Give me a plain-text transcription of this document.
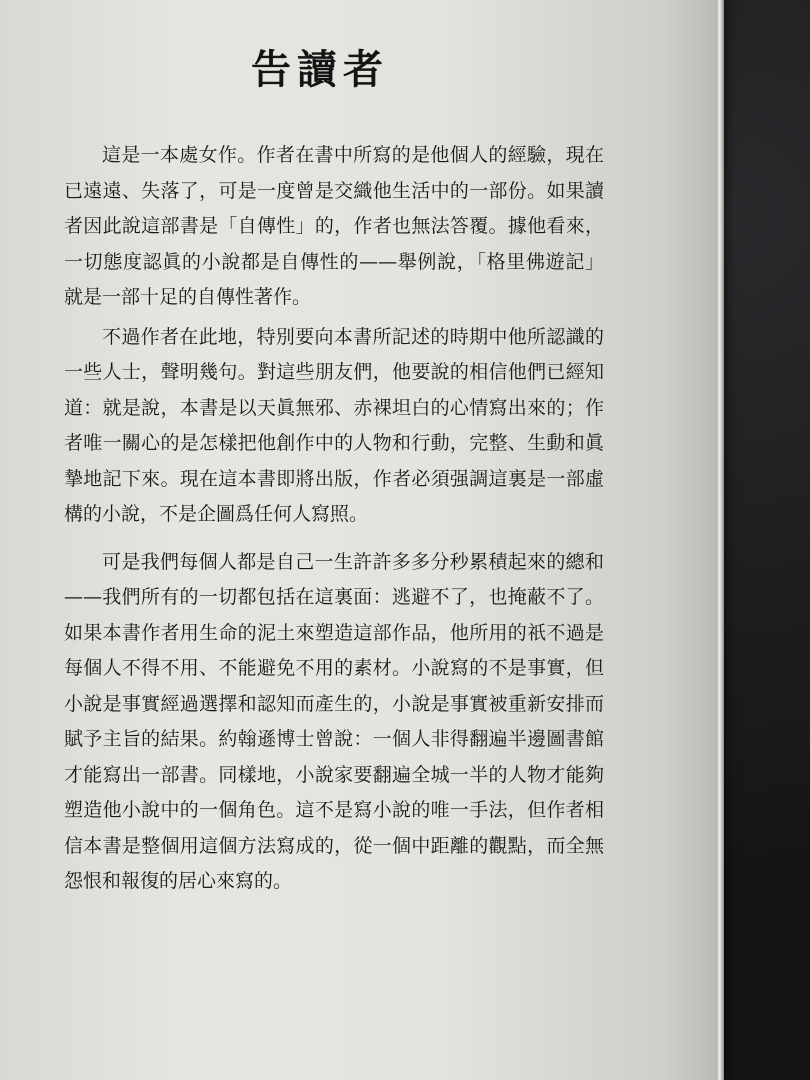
告讀者

這是一本處女作。作者在書中所寫的是他個人的經驗，現在已遠遠、失落了，可是一度曾是交織他生活中的一部份。如果讀者因此說這部書是「自傳性」的，作者也無法答覆。據他看來，一切態度認眞的小說都是自傳性的——舉例說，「格里佛遊記」就是一部十足的自傳性著作。

不過作者在此地，特別要向本書所記述的時期中他所認識的一些人士，聲明幾句。對這些朋友們，他要說的相信他們已經知道：就是說，本書是以天眞無邪、赤裸坦白的心情寫出來的；作者唯一關心的是怎樣把他創作中的人物和行動，完整、生動和眞摯地記下來。現在這本書即將出版，作者必須强調這裏是一部虛構的小說，不是企圖爲任何人寫照。

可是我們每個人都是自己一生許許多多分秒累積起來的總和——我們所有的一切都包括在這裏面：逃避不了，也掩蔽不了。如果本書作者用生命的泥土來塑造這部作品，他所用的祇不過是每個人不得不用、不能避免不用的素材。小說寫的不是事實，但小說是事實經過選擇和認知而產生的，小說是事實被重新安排而賦予主旨的結果。約翰遜博士曾說：一個人非得翻遍半邊圖書館才能寫出一部書。同樣地，小說家要翻遍全城一半的人物才能夠塑造他小說中的一個角色。這不是寫小說的唯一手法，但作者相信本書是整個用這個方法寫成的，從一個中距離的觀點，而全無怨恨和報復的居心來寫的。
